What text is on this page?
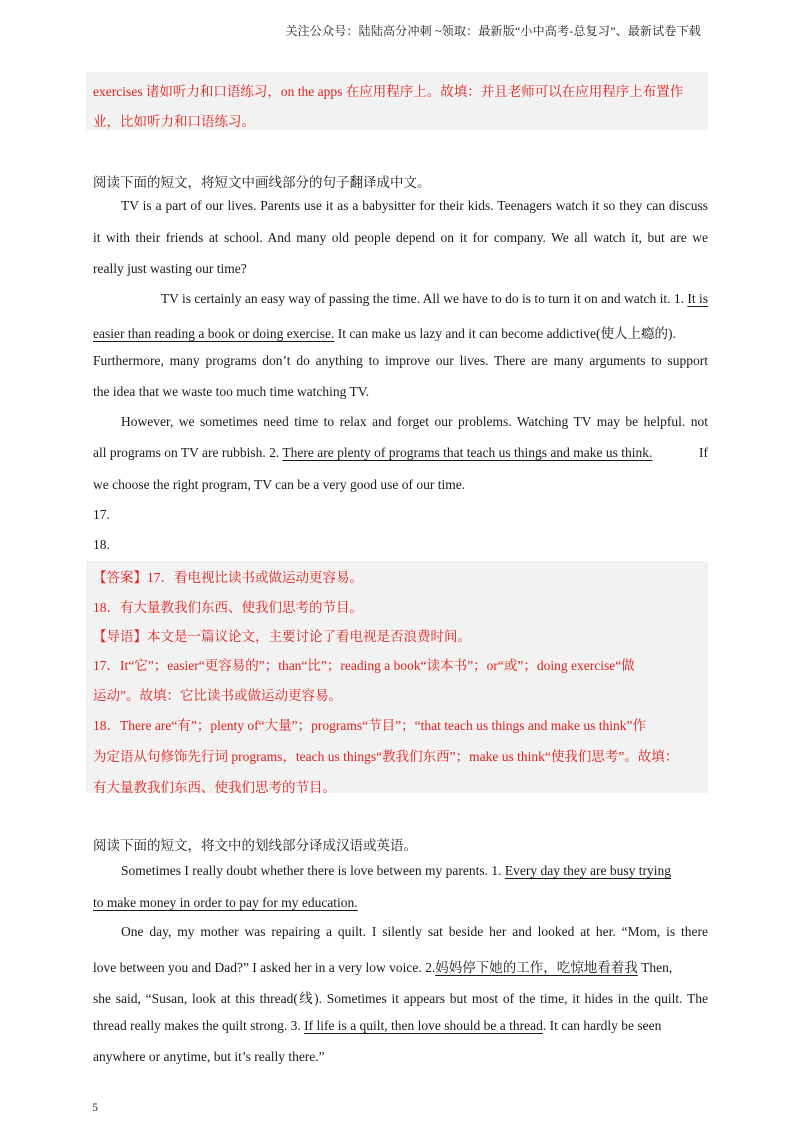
关注公众号：陆陆高分冲刺 ~领取：最新版“小中高考-总复习”、最新试卷下载
exercises 诸如听力和口语练习，on the apps 在应用程序上。故填：并且老师可以在应用程序上布置作
业，比如听力和口语练习。
阅读下面的短文，将短文中画线部分的句子翻译成中文。
TV is a part of our lives. Parents use it as a babysitter for their kids. Teenagers watch it so they can discuss
it with their friends at school. And many old people depend on it for company. We all watch it, but are we
really just wasting our time?
TV is certainly an easy way of passing the time. All we have to do is to turn it on and watch it. 1. It is
easier than reading a book or doing exercise. It can make us lazy and it can become addictive(使人上瘾的).
Furthermore, many programs don’t do anything to improve our lives. There are many arguments to support
the idea that we waste too much time watching TV.
However, we sometimes need time to relax and forget our problems. Watching TV may be helpful. not
all programs on TV are rubbish. 2. There are plenty of programs that teach us things and make us think.	If
we choose the right program, TV can be a very good use of our time.
17.
18.
【答案】17．看电视比读书或做运动更容易。
18．有大量教我们东西、使我们思考的节目。
【导语】本文是一篇议论文，主要讨论了看电视是否浪费时间。
17．It“它”；easier“更容易的”；than“比”；reading a book“读本书”；or“或”；doing exercise“做
运动”。故填：它比读书或做运动更容易。
18．There are“有”；plenty of“大量”；programs“节目”；“that teach us things and make us think”作
为定语从句修饰先行词 programs，teach us things“教我们东西”；make us think“使我们思考”。故填：
有大量教我们东西、使我们思考的节目。
阅读下面的短文，将文中的划线部分译成汉语或英语。
Sometimes I really doubt whether there is love between my parents. 1. Every day they are busy trying
to make money in order to pay for my education.
One day, my mother was repairing a quilt. I silently sat beside her and looked at her. “Mom, is there
love between you and Dad?” I asked her in a very low voice. 2.妈妈停下她的工作，吃惊地看着我 Then,
she said, “Susan, look at this thread(线). Sometimes it appears but most of the time, it hides in the quilt. The
thread really makes the quilt strong. 3. If life is a quilt, then love should be a thread. It can hardly be seen
anywhere or anytime, but it’s really there.”
5
